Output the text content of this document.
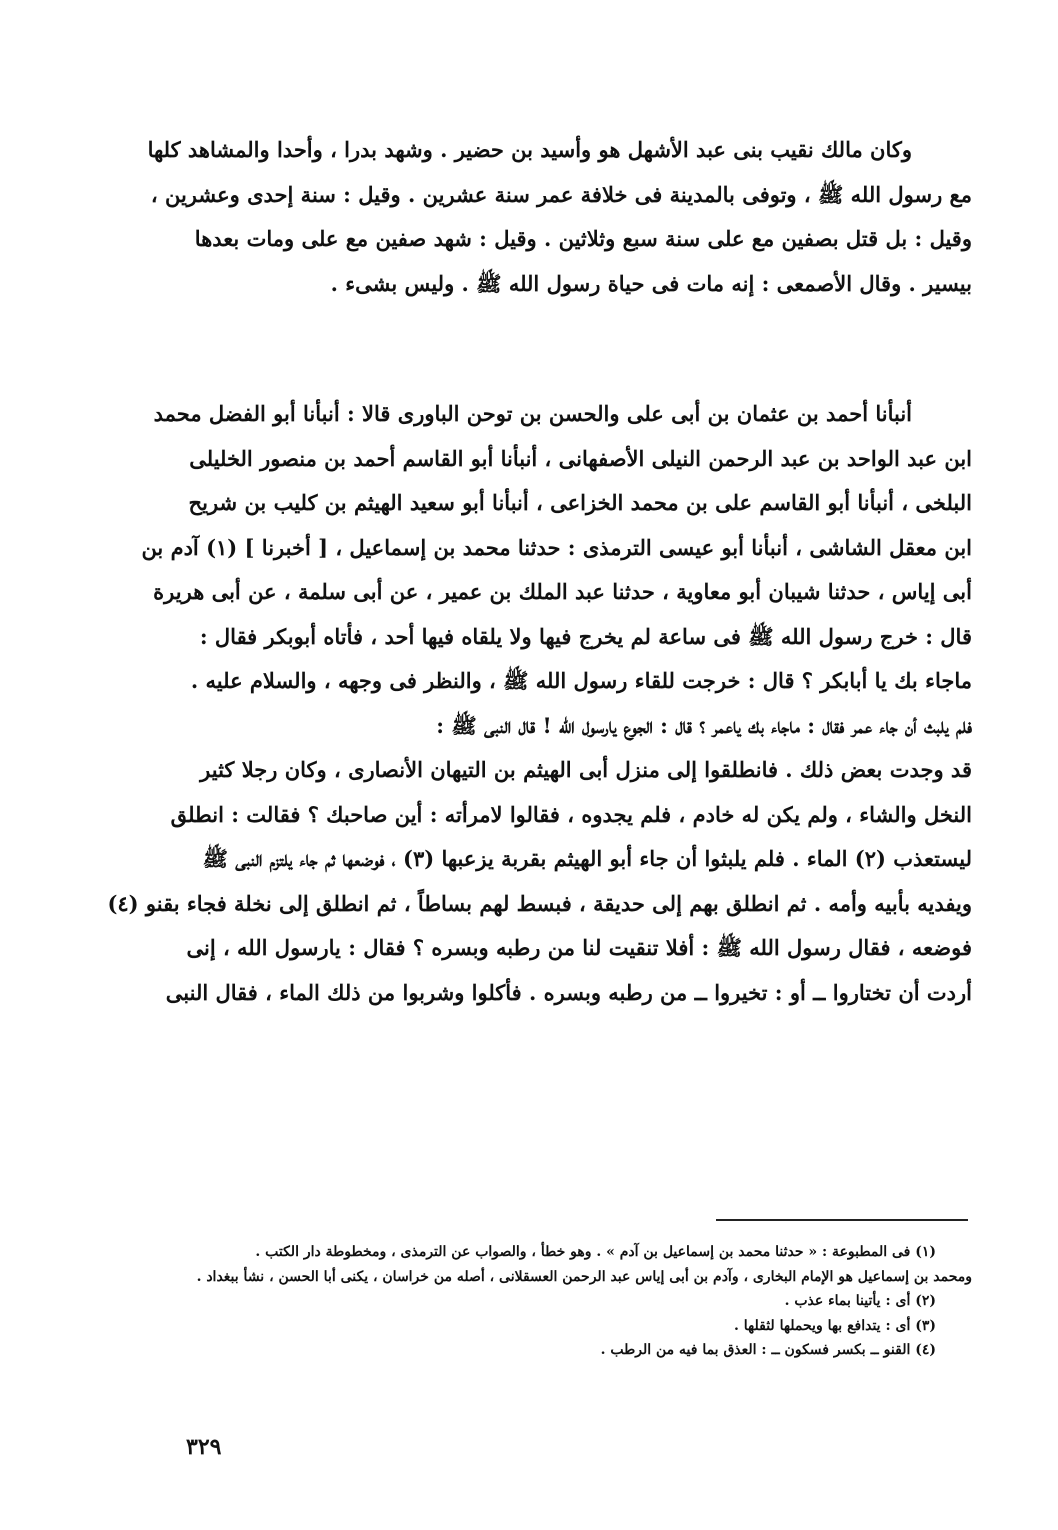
وكان مالك نقيب بنى عبد الأشهل هو وأسيد بن حضير . وشهد بدرا ، وأحدا والمشاهد كلها
مع رسول الله ﷺ ، وتوفى بالمدينة فى خلافة عمر سنة عشرين . وقيل : سنة إحدى وعشرين ،
وقيل : بل قتل بصفين مع على سنة سبع وثلاثين . وقيل : شهد صفين مع على ومات بعدها
بيسير . وقال الأصمعى : إنه مات فى حياة رسول الله ﷺ . وليس بشىء .
أنبأنا أحمد بن عثمان بن أبى على والحسن بن توحن الباورى قالا : أنبأنا أبو الفضل محمد
ابن عبد الواحد بن عبد الرحمن النيلى الأصفهانى ، أنبأنا أبو القاسم أحمد بن منصور الخليلى
البلخى ، أنبأنا أبو القاسم على بن محمد الخزاعى ، أنبأنا أبو سعيد الهيثم بن كليب بن شريح
ابن معقل الشاشى ، أنبأنا أبو عيسى الترمذى : حدثنا محمد بن إسماعيل ، [ أخبرنا ] (١) آدم بن
أبى إياس ، حدثنا شيبان أبو معاوية ، حدثنا عبد الملك بن عمير ، عن أبى سلمة ، عن أبى هريرة
قال : خرج رسول الله ﷺ فى ساعة لم يخرج فيها ولا يلقاه فيها أحد ، فأتاه أبوبكر فقال :
ماجاء بك يا أبابكر ؟ قال : خرجت للقاء رسول الله ﷺ ، والنظر فى وجهه ، والسلام عليه .
فلم يلبث أن جاء عمر فقال : ماجاء بك ياعمر ؟ قال : الجوع يارسول الله ! قال النبى ﷺ :
قد وجدت بعض ذلك . فانطلقوا إلى منزل أبى الهيثم بن التيهان الأنصارى ، وكان رجلا كثير
النخل والشاء ، ولم يكن له خادم ، فلم يجدوه ، فقالوا لامرأته : أين صاحبك ؟ فقالت : انطلق
ليستعذب (٢) الماء . فلم يلبثوا أن جاء أبو الهيثم بقربة يزعبها (٣) ، فوضعها ثم جاء يلتزم النبى ﷺ
ويفديه بأبيه وأمه . ثم انطلق بهم إلى حديقة ، فبسط لهم بساطاً ، ثم انطلق إلى نخلة فجاء بقنو (٤)
فوضعه ، فقال رسول الله ﷺ : أفلا تنقيت لنا من رطبه وبسره ؟ فقال : يارسول الله ، إنى
أردت أن تختاروا ــ أو : تخيروا ــ من رطبه وبسره . فأكلوا وشربوا من ذلك الماء ، فقال النبى
(١) فى المطبوعة : « حدثنا محمد بن إسماعيل بن آدم » . وهو خطأ ، والصواب عن الترمذى ، ومخطوطة دار الكتب .
ومحمد بن إسماعيل هو الإمام البخارى ، وآدم بن أبى إياس عبد الرحمن العسقلانى ، أصله من خراسان ، يكنى أبا الحسن ، نشأ ببغداد .
(٢) أى : يأتينا بماء عذب .
(٣) أى : يتدافع بها ويحملها لثقلها .
(٤) القنو ــ بكسر فسكون ــ : العذق بما فيه من الرطب .
٣٢٩
